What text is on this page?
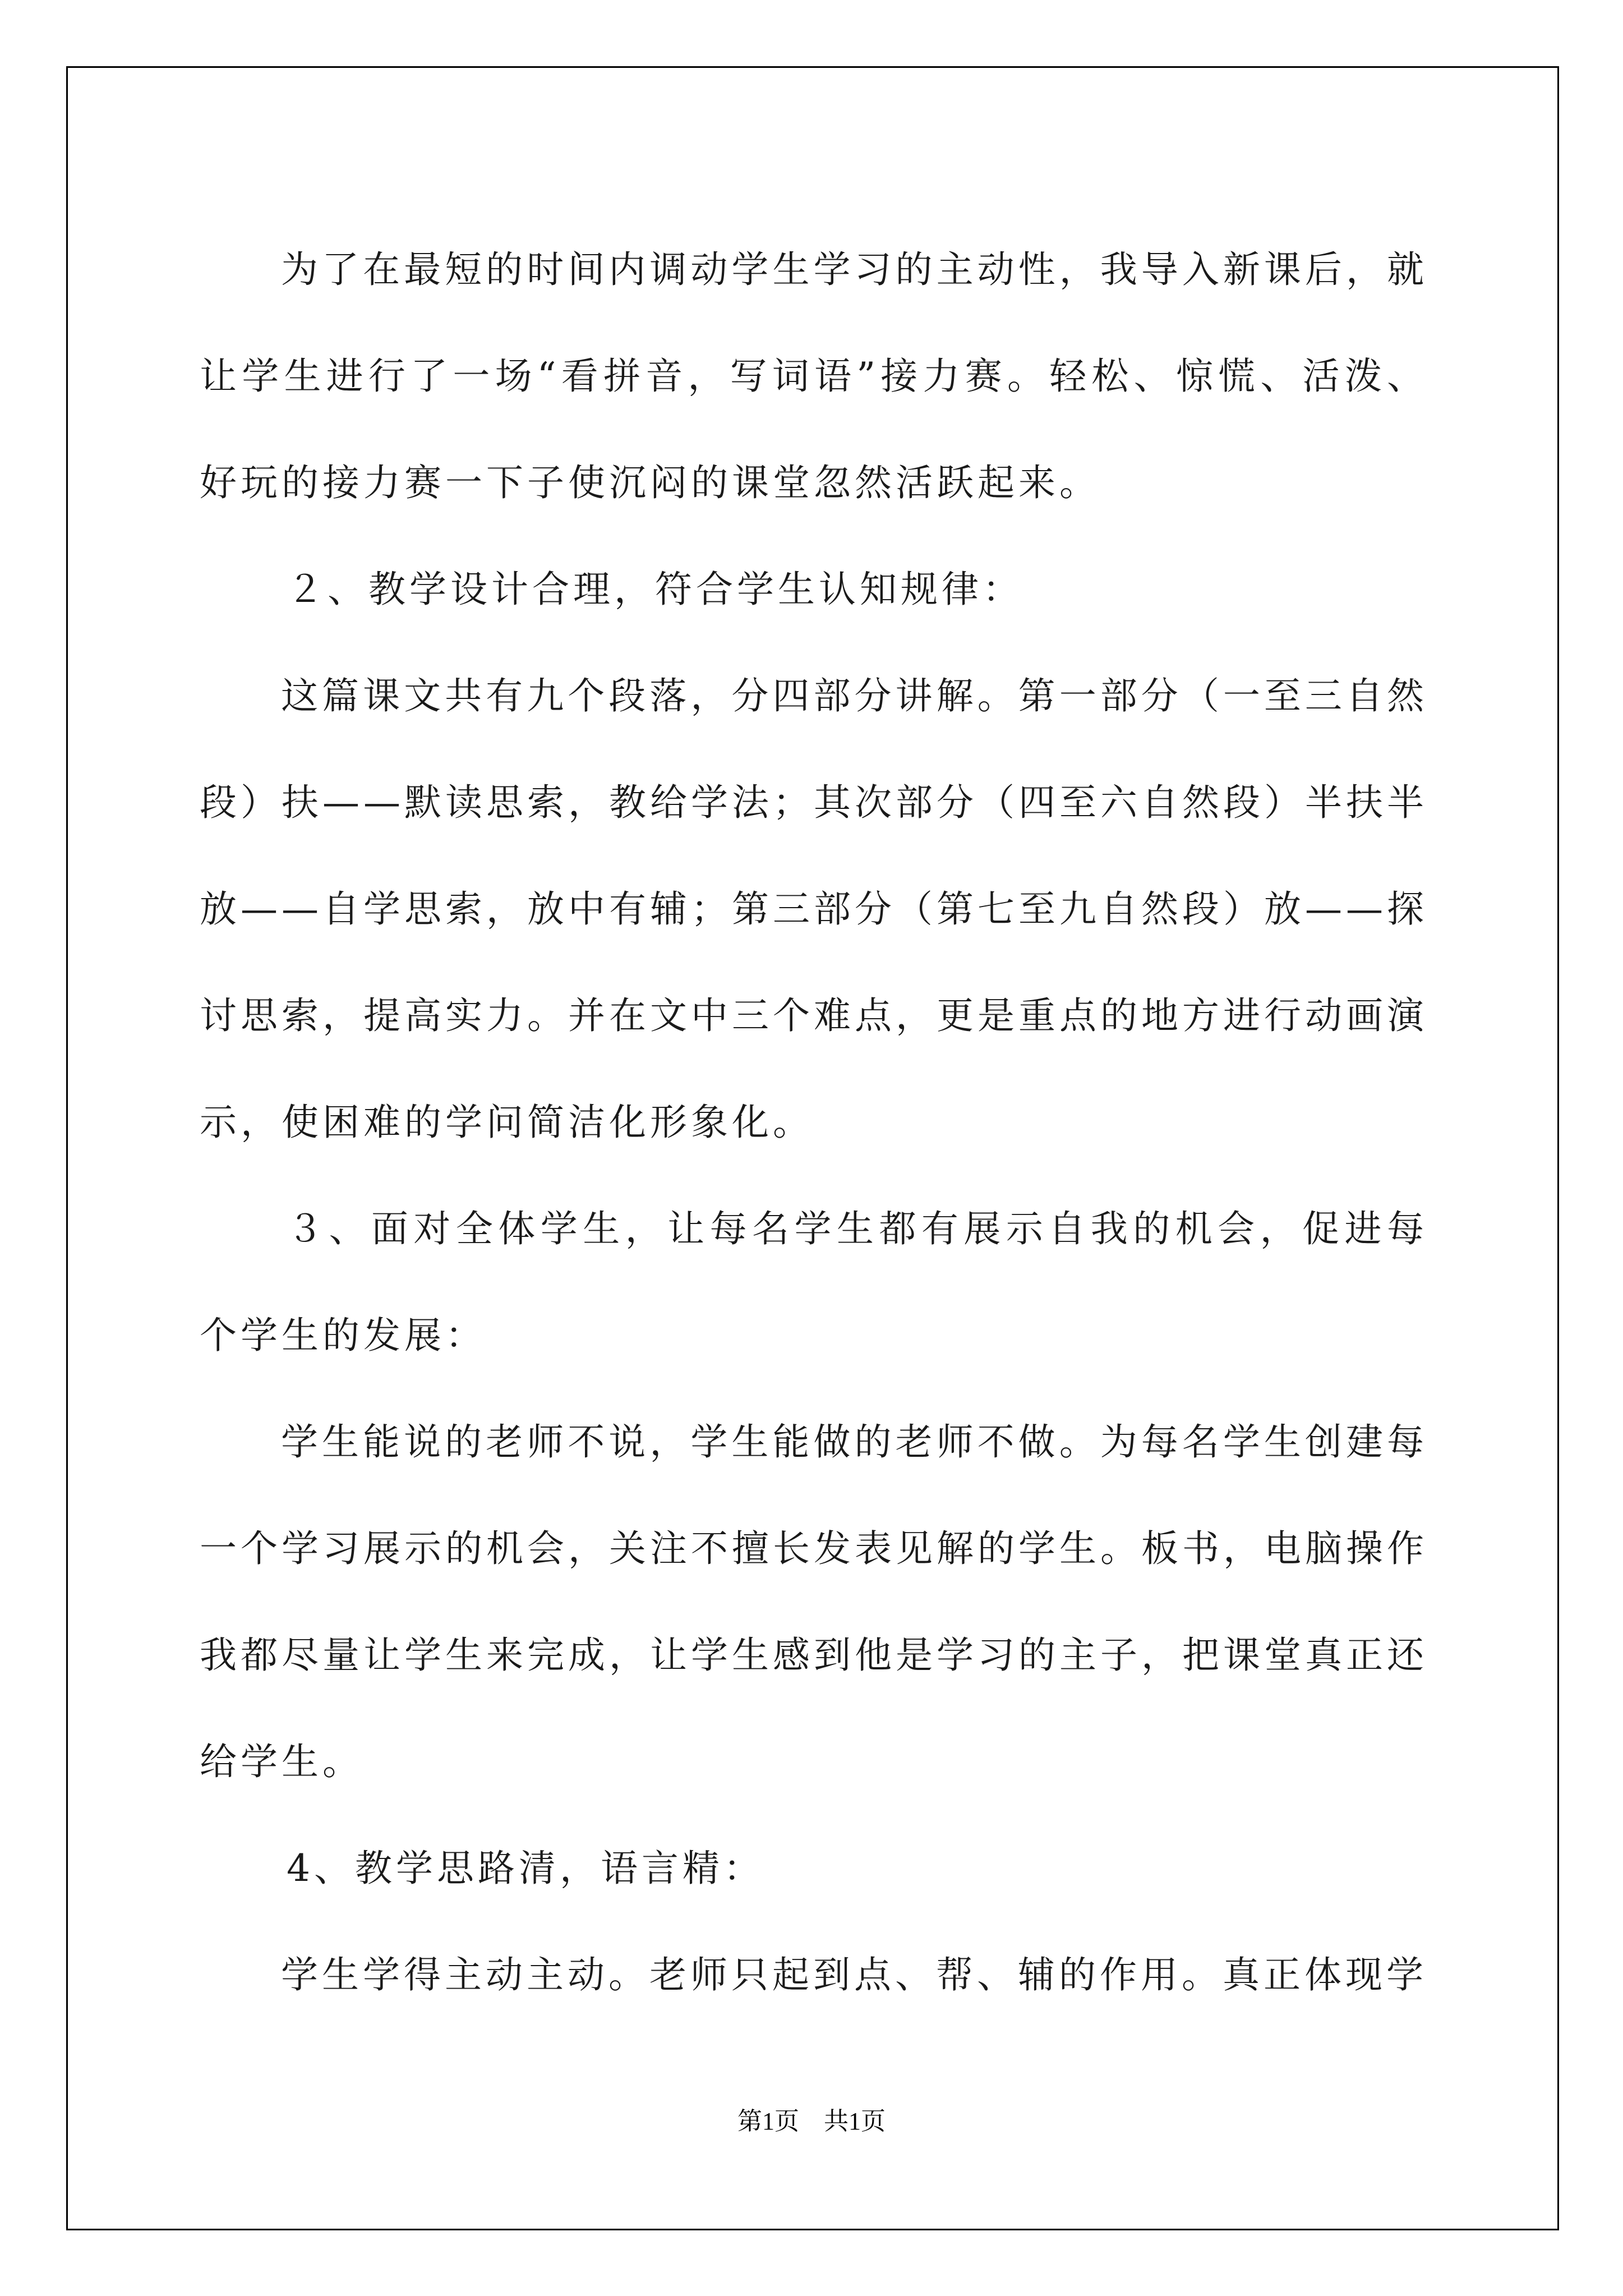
为了在最短的时间内调动学生学习的主动性，我导入新课后，就让学生进行了一场“看拼音，写词语”接力赛。轻松、惊慌、活泼、好玩的接力赛一下子使沉闷的课堂忽然活跃起来。

２、教学设计合理，符合学生认知规律：

这篇课文共有九个段落，分四部分讲解。第一部分（一至三自然段）扶——默读思索，教给学法；其次部分（四至六自然段）半扶半放——自学思索，放中有辅；第三部分（第七至九自然段）放——探讨思索，提高实力。并在文中三个难点，更是重点的地方进行动画演示，使困难的学问简洁化形象化。

３、面对全体学生，让每名学生都有展示自我的机会，促进每个学生的发展：

学生能说的老师不说，学生能做的老师不做。为每名学生创建每一个学习展示的机会，关注不擅长发表见解的学生。板书，电脑操作我都尽量让学生来完成，让学生感到他是学习的主子，把课堂真正还给学生。

4、教学思路清，语言精：

学生学得主动主动。老师只起到点、帮、辅的作用。真正体现学

第1页　共1页
